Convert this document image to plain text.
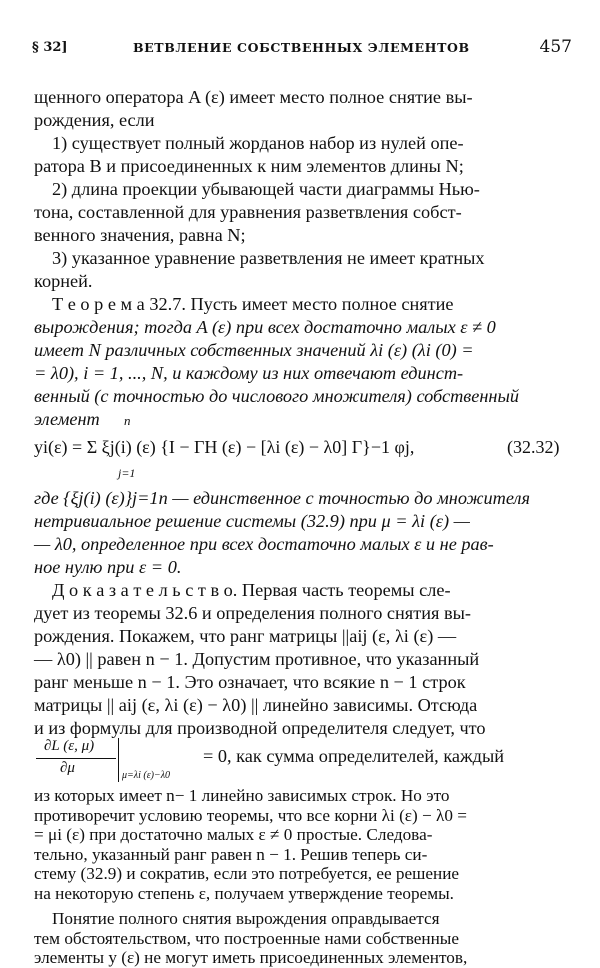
§ 32]	ВЕТВЛЕНИЕ СОБСТВЕННЫХ ЭЛЕМЕНТОВ	457
щенного оператора A (ε) имеет место полное снятие вы-
рождения, если
1) существует полный жорданов набор из нулей опе-
ратора B и присоединенных к ним элементов длины N;
2) длина проекции убывающей части диаграммы Нью-
тона, составленной для уравнения разветвления собст-
венного значения, равна N;
3) указанное уравнение разветвления не имеет кратных
корней.
Т е о р е м а 32.7. Пусть имеет место полное снятие
вырождения; тогда A (ε) при всех достаточно малых ε ≠ 0
имеет N различных собственных значений λi (ε) (λi (0) =
= λ0), i = 1, ..., N, и каждому из них отвечают единст-
венный (с точностью до числового множителя) собственный
элемент n
yi(ε) = Σ ξj(i) (ε) {I − ΓH (ε) − [λi (ε) − λ0] Γ}−1 φj,
j=1
(32.32)
где {ξj(i) (ε)}j=1n — единственное с точностью до множителя
нетривиальное решение системы (32.9) при μ = λi (ε) —
— λ0, определенное при всех достаточно малых ε и не рав-
ное нулю при ε = 0.
Д о к а з а т е л ь с т в о. Первая часть теоремы сле-
дует из теоремы 32.6 и определения полного снятия вы-
рождения. Покажем, что ранг матрицы ||aij (ε, λi (ε) —
— λ0) || равен n − 1. Допустим противное, что указанный
ранг меньше n − 1. Это означает, что всякие n − 1 строк
матрицы || aij (ε, λi (ε) − λ0) || линейно зависимы. Отсюда
и из формулы для производной определителя следует, что
∂L (ε, μ)
∂μ	μ=λi (ε)−λ0
= 0, как сумма определителей, каждый
из которых имеет n− 1 линейно зависимых строк. Но это
противоречит условию теоремы, что все корни λi (ε) − λ0 =
= μi (ε) при достаточно малых ε ≠ 0 простые. Следова-
тельно, указанный ранг равен n − 1. Решив теперь си-
стему (32.9) и сократив, если это потребуется, ее решение
на некоторую степень ε, получаем утверждение теоремы.
Понятие полного снятия вырождения оправдывается
тем обстоятельством, что построенные нами собственные
элементы y (ε) не могут иметь присоединенных элементов,
